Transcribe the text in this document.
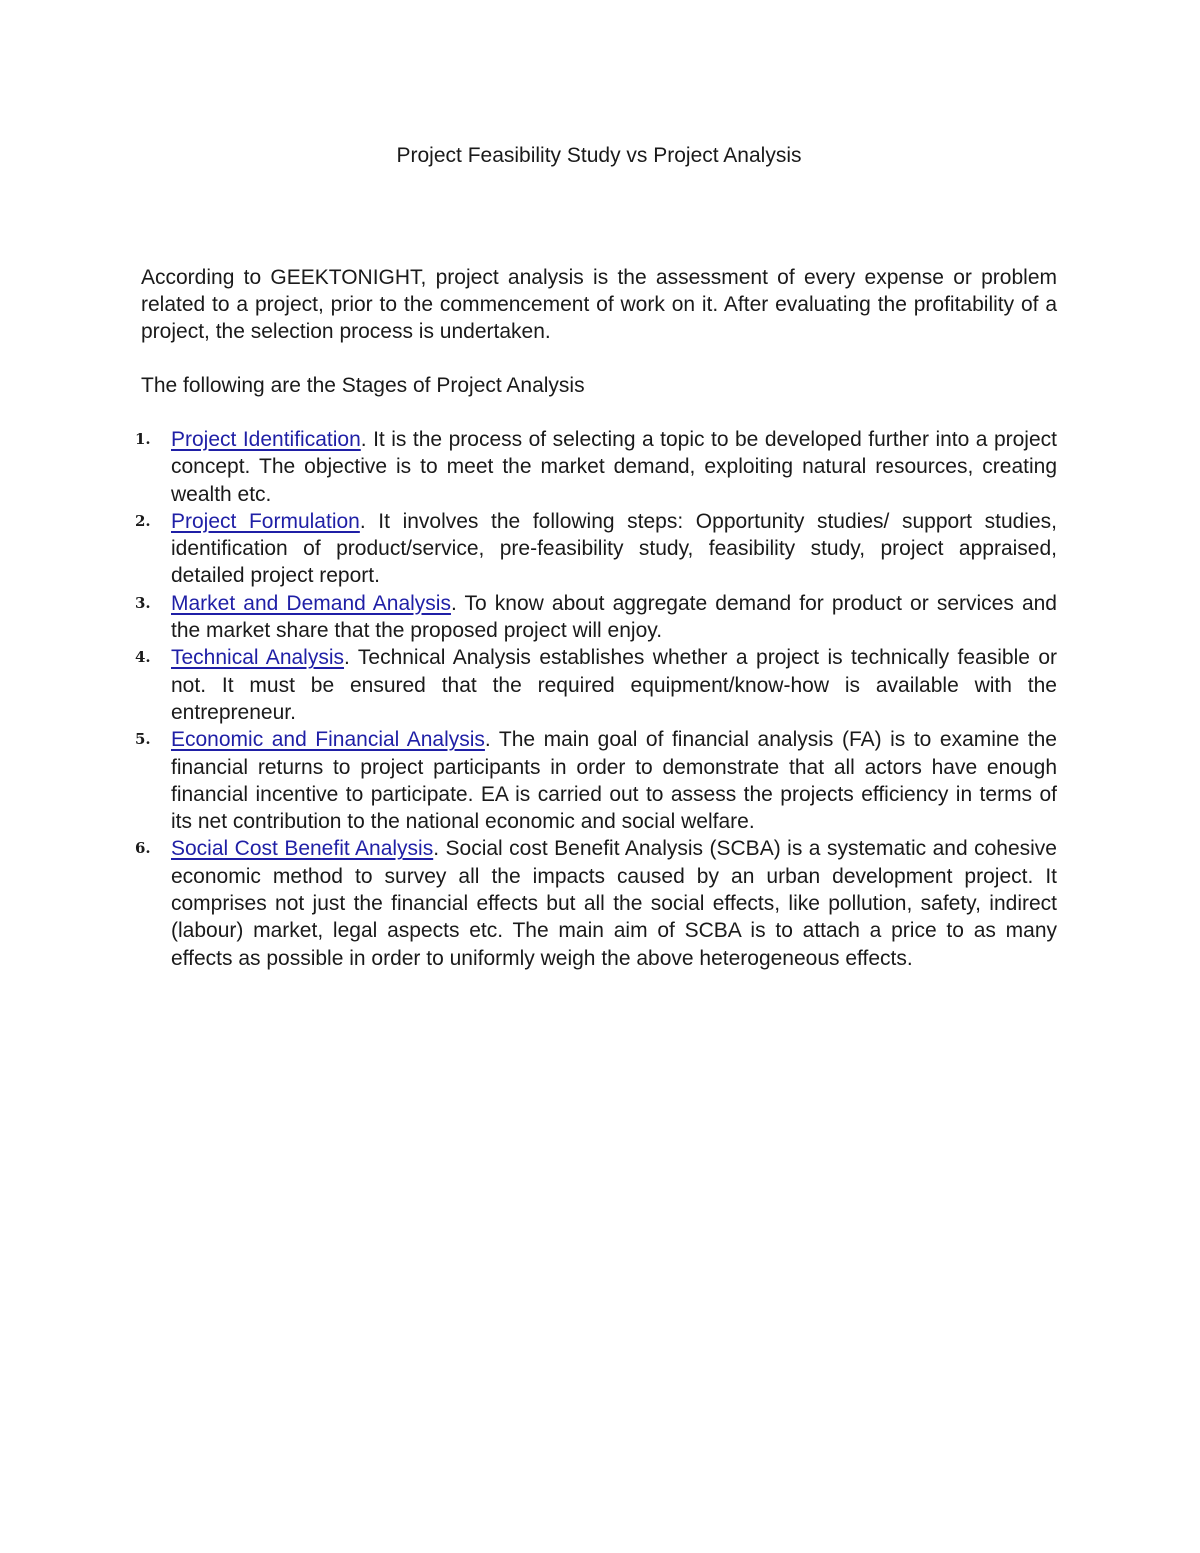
Project Feasibility Study vs Project Analysis

According to GEEKTONIGHT, project analysis is the assessment of every expense or problem related to a project, prior to the commencement of work on it. After evaluating the profitability of a project, the selection process is undertaken.

The following are the Stages of Project Analysis

1. Project Identification. It is the process of selecting a topic to be developed further into a project concept. The objective is to meet the market demand, exploiting natural resources, creating wealth etc.
2. Project Formulation. It involves the following steps: Opportunity studies/ support studies, identification of product/service, pre-feasibility study, feasibility study, project appraised, detailed project report.
3. Market and Demand Analysis. To know about aggregate demand for product or services and the market share that the proposed project will enjoy.
4. Technical Analysis. Technical Analysis establishes whether a project is technically feasible or not. It must be ensured that the required equipment/know-how is available with the entrepreneur.
5. Economic and Financial Analysis. The main goal of financial analysis (FA) is to examine the financial returns to project participants in order to demonstrate that all actors have enough financial incentive to participate. EA is carried out to assess the projects efficiency in terms of its net contribution to the national economic and social welfare.
6. Social Cost Benefit Analysis. Social cost Benefit Analysis (SCBA) is a systematic and cohesive economic method to survey all the impacts caused by an urban development project. It comprises not just the financial effects but all the social effects, like pollution, safety, indirect (labour) market, legal aspects etc. The main aim of SCBA is to attach a price to as many effects as possible in order to uniformly weigh the above heterogeneous effects.
